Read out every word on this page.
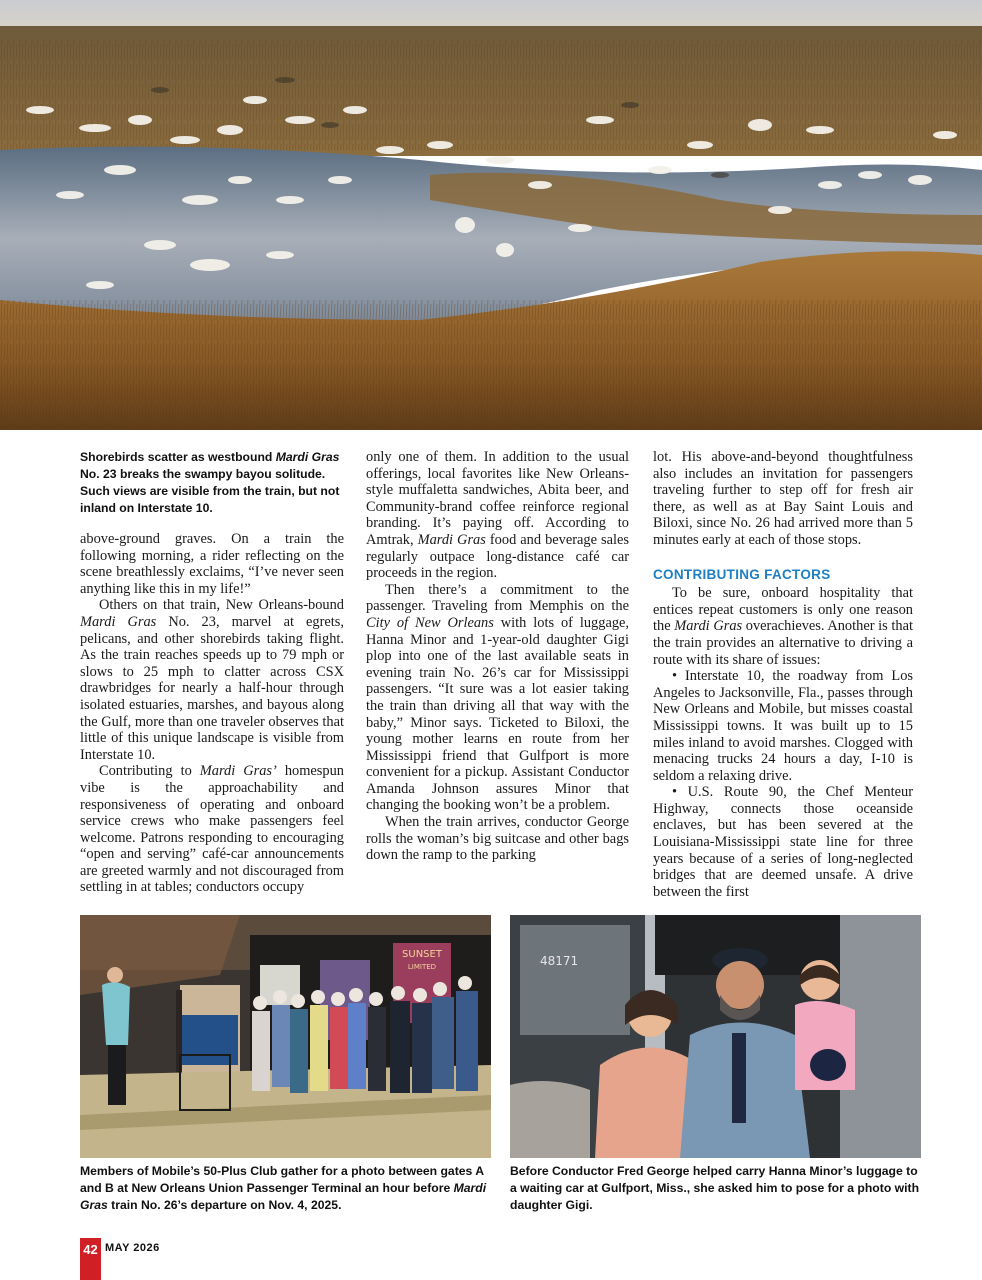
Shorebirds scatter as westbound Mardi Gras No. 23 breaks the swampy bayou solitude. Such views are visible from the train, but not inland on Interstate 10.

above-ground graves. On a train the following morning, a rider reflecting on the scene breathlessly exclaims, “I’ve never seen anything like this in my life!”

Others on that train, New Orleans-bound Mardi Gras No. 23, marvel at egrets, pelicans, and other shorebirds taking flight. As the train reaches speeds up to 79 mph or slows to 25 mph to clatter across CSX drawbridges for nearly a half-hour through isolated estuaries, marshes, and bayous along the Gulf, more than one traveler observes that little of this unique landscape is visible from Interstate 10.

Contributing to Mardi Gras’ homespun vibe is the approachability and responsiveness of operating and onboard service crews who make passengers feel welcome. Patrons responding to encouraging “open and serving” café-car announcements are greeted warmly and not discouraged from settling in at tables; conductors occupy

only one of them. In addition to the usual offerings, local favorites like New Orleans-style muffaletta sandwiches, Abita beer, and Community-brand coffee reinforce regional branding. It’s paying off. According to Amtrak, Mardi Gras food and beverage sales regularly outpace long-distance café car proceeds in the region.

Then there’s a commitment to the passenger. Traveling from Memphis on the City of New Orleans with lots of luggage, Hanna Minor and 1-year-old daughter Gigi plop into one of the last available seats in evening train No. 26’s car for Mississippi passengers. “It sure was a lot easier taking the train than driving all that way with the baby,” Minor says. Ticketed to Biloxi, the young mother learns en route from her Mississippi friend that Gulfport is more convenient for a pickup. Assistant Conductor Amanda Johnson assures Minor that changing the booking won’t be a problem.

When the train arrives, conductor George rolls the woman’s big suitcase and other bags down the ramp to the parking

lot. His above-and-beyond thoughtfulness also includes an invitation for passengers traveling further to step off for fresh air there, as well as at Bay Saint Louis and Biloxi, since No. 26 had arrived more than 5 minutes early at each of those stops.

CONTRIBUTING FACTORS

To be sure, onboard hospitality that entices repeat customers is only one reason the Mardi Gras overachieves. Another is that the train provides an alternative to driving a route with its share of issues:

• Interstate 10, the roadway from Los Angeles to Jacksonville, Fla., passes through New Orleans and Mobile, but misses coastal Mississippi towns. It was built up to 15 miles inland to avoid marshes. Clogged with menacing trucks 24 hours a day, I-10 is seldom a relaxing drive.

• U.S. Route 90, the Chef Menteur Highway, connects those oceanside enclaves, but has been severed at the Louisiana-Mississippi state line for three years because of a series of long-neglected bridges that are deemed unsafe. A drive between the first

SUNSET
LIMITED
Members of Mobile’s 50-Plus Club gather for a photo between gates A and B at New Orleans Union Passenger Terminal an hour before Mardi Gras train No. 26’s departure on Nov. 4, 2025.
48171
Before Conductor Fred George helped carry Hanna Minor’s luggage to a waiting car at Gulfport, Miss., she asked him to pose for a photo with daughter Gigi.
42 MAY 2026
